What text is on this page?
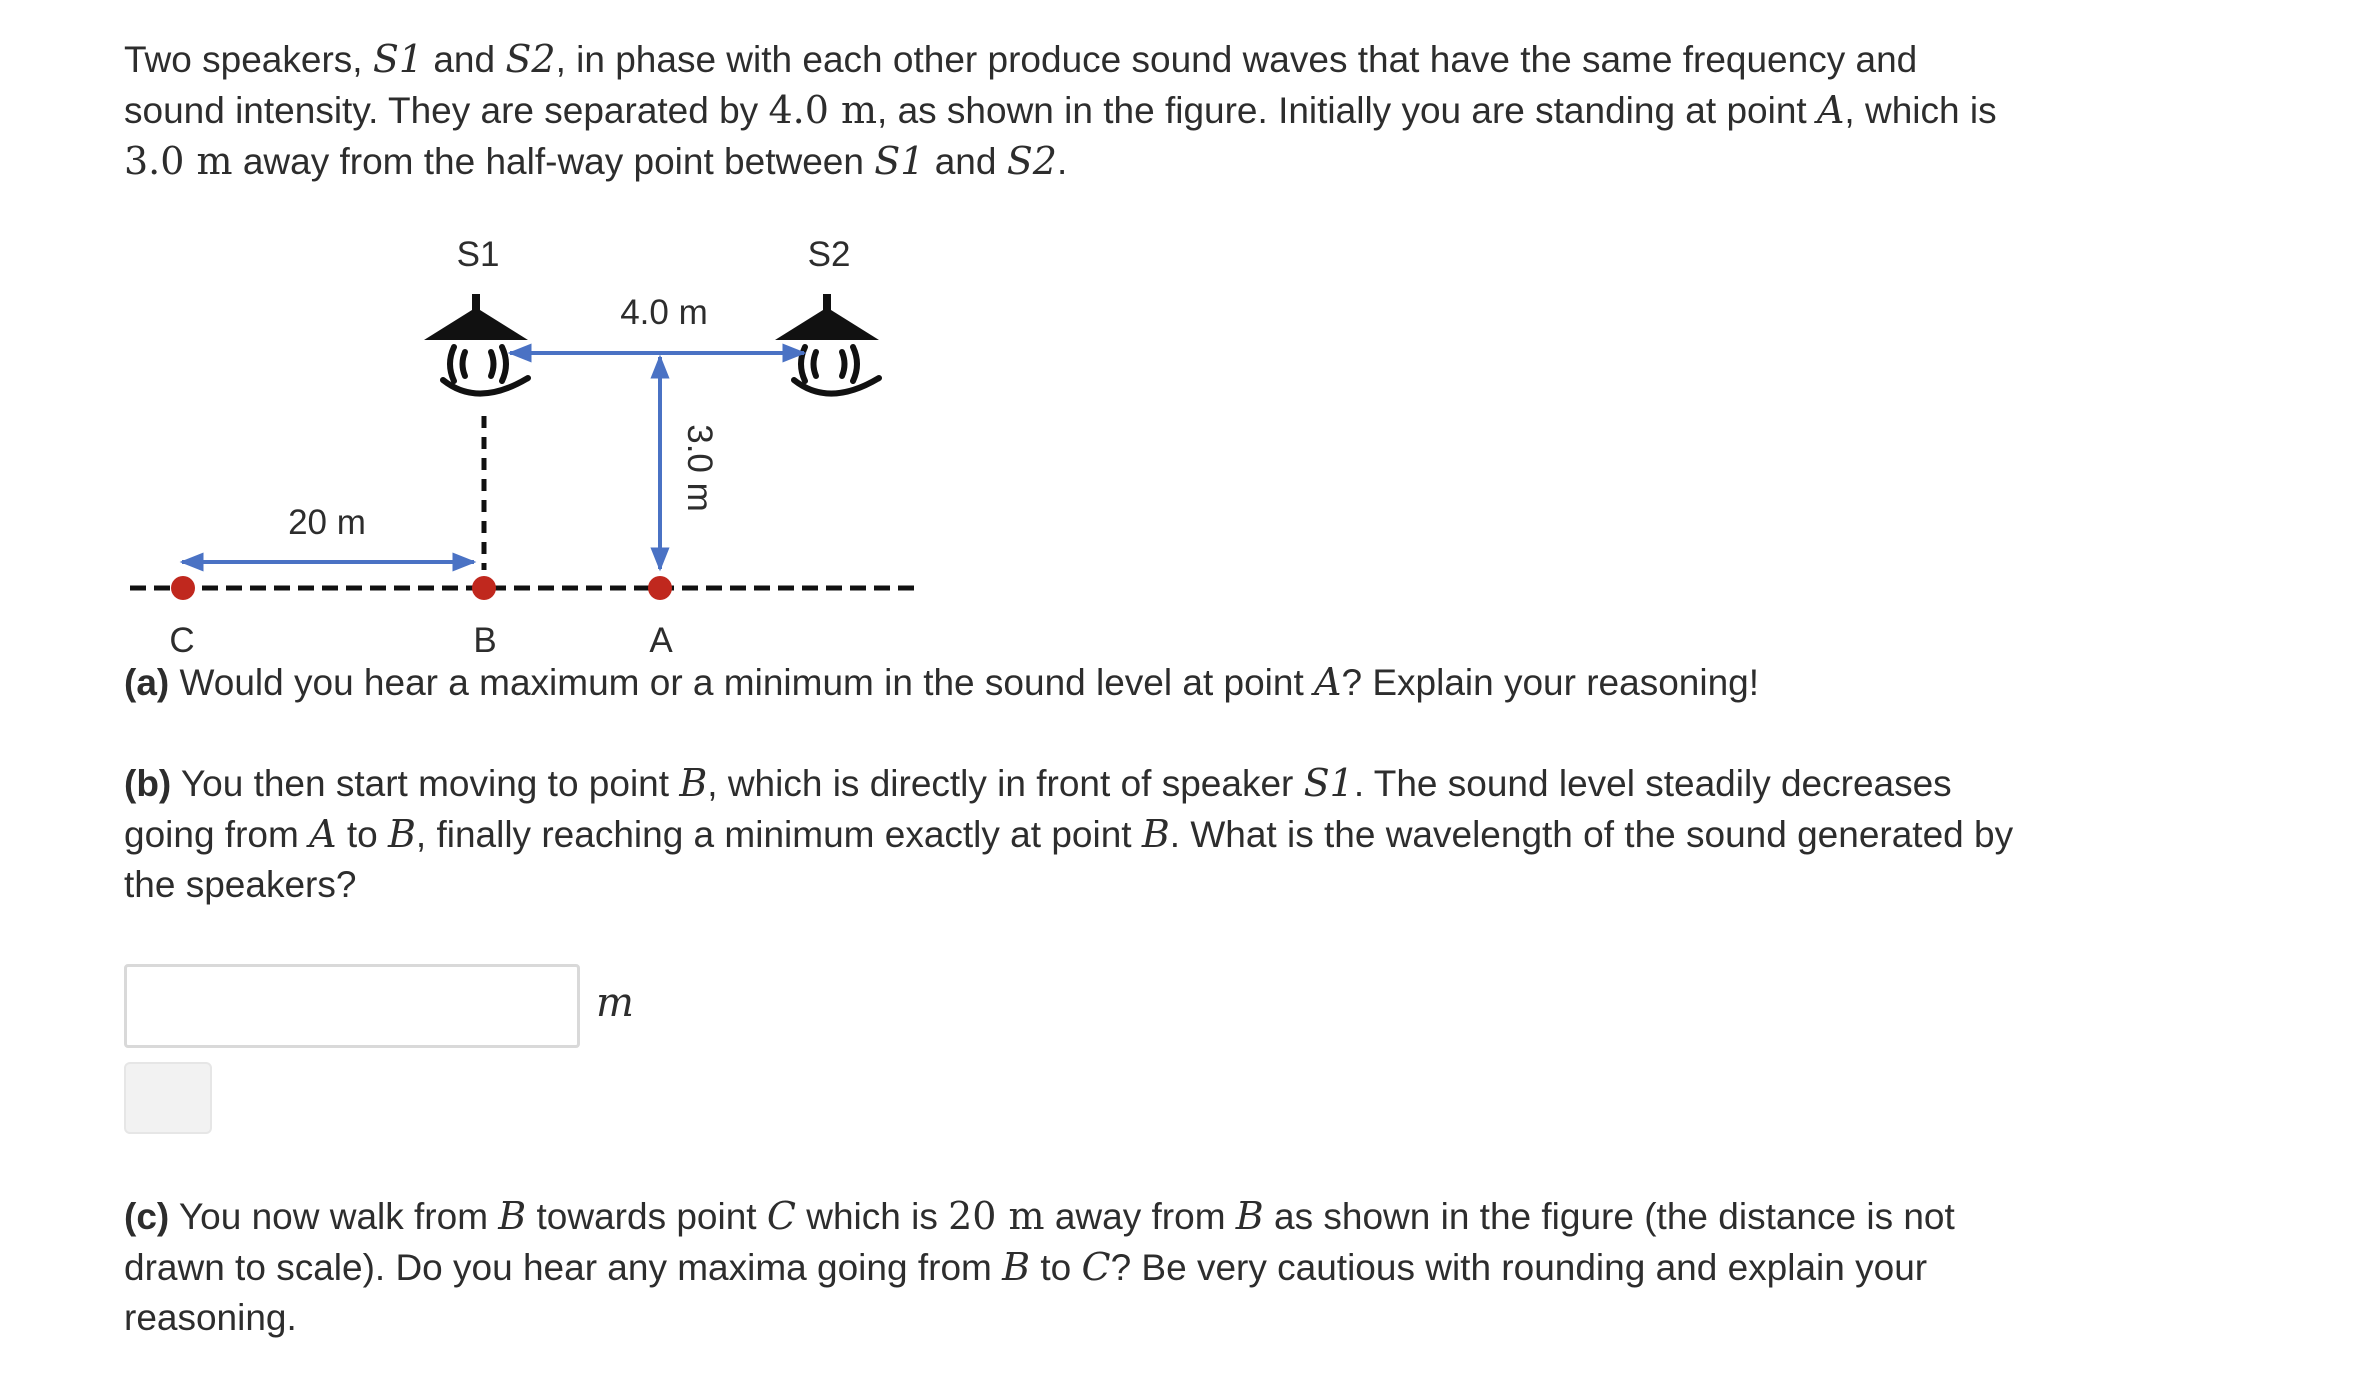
Two speakers, S1 and S2, in phase with each other produce sound waves that have the same frequency and sound intensity. They are separated by 4.0 m, as shown in the figure. Initially you are standing at point A, which is 3.0 m away from the half-way point between S1 and S2.

S1	S2
4.0 m
3.0 m
20 m
C	B	A

(a) Would you hear a maximum or a minimum in the sound level at point A? Explain your reasoning!

(b) You then start moving to point B, which is directly in front of speaker S1. The sound level steadily decreases going from A to B, finally reaching a minimum exactly at point B. What is the wavelength of the sound generated by the speakers?

m

(c) You now walk from B towards point C which is 20 m away from B as shown in the figure (the distance is not drawn to scale). Do you hear any maxima going from B to C? Be very cautious with rounding and explain your reasoning.
